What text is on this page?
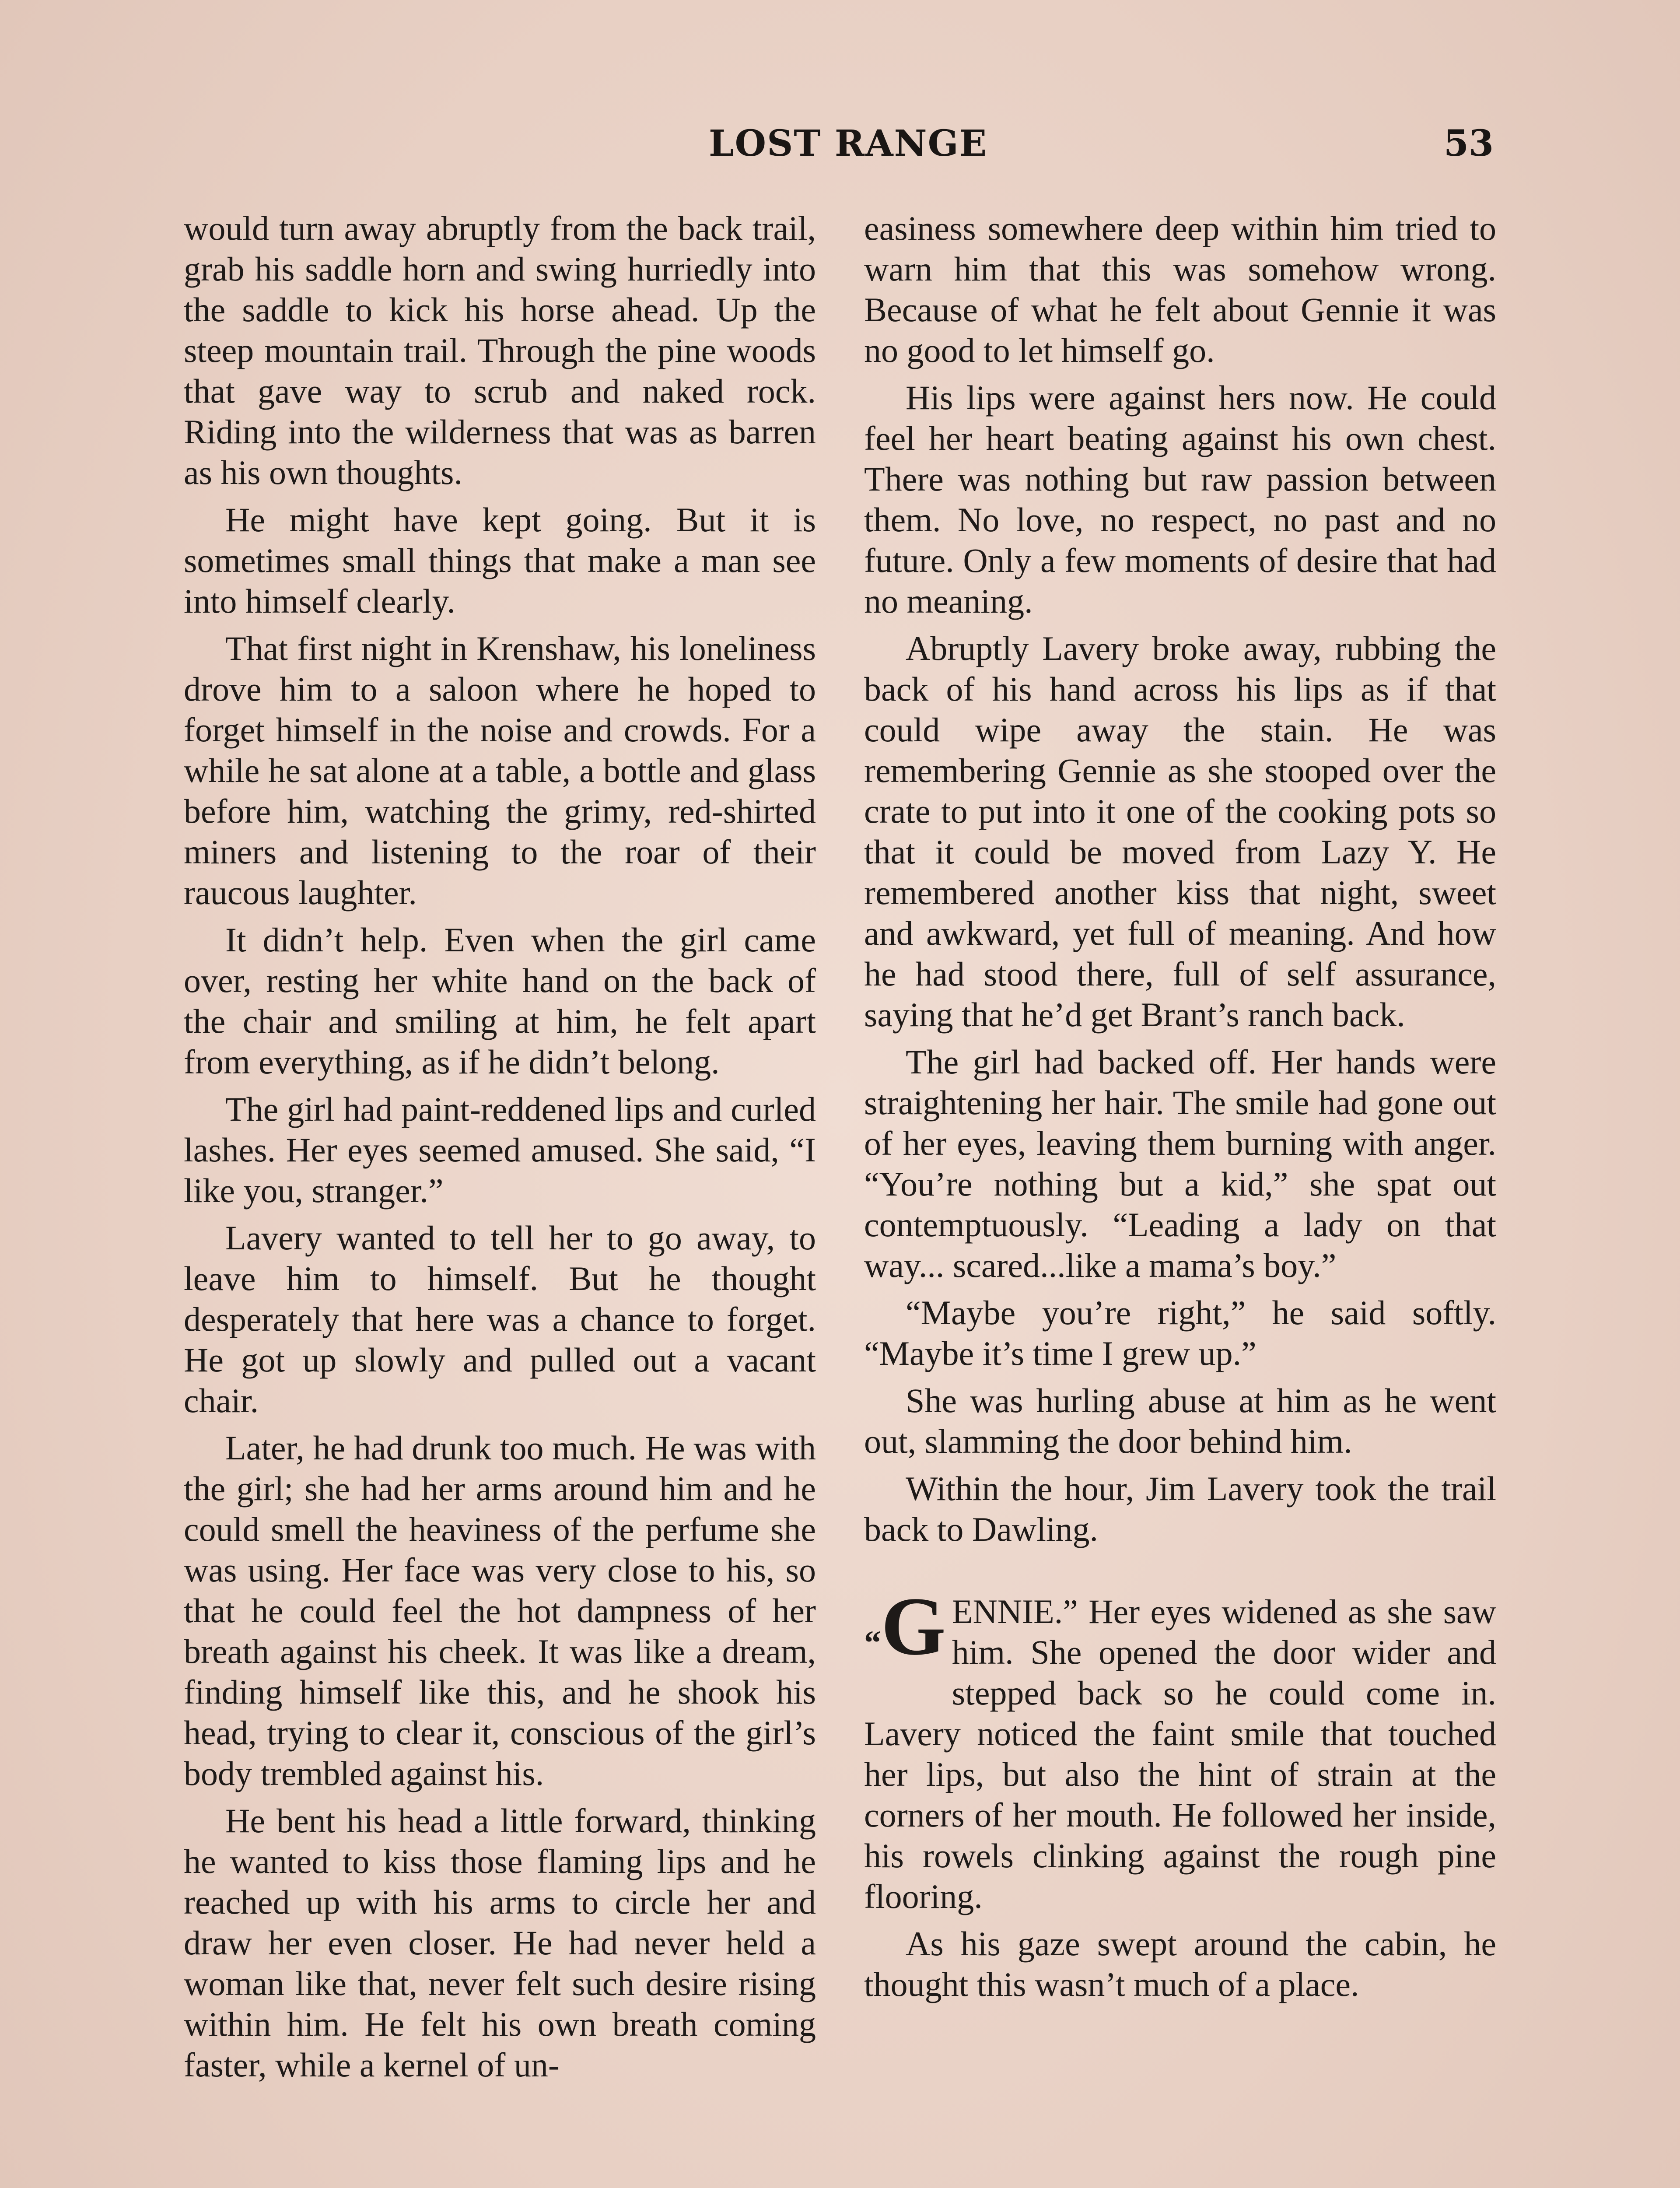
LOST RANGE	53

would turn away abruptly from the back trail, grab his saddle horn and swing hurriedly into the saddle to kick his horse ahead. Up the steep mountain trail. Through the pine woods that gave way to scrub and naked rock. Riding into the wilderness that was as barren as his own thoughts.

He might have kept going. But it is sometimes small things that make a man see into himself clearly.

That first night in Krenshaw, his loneliness drove him to a saloon where he hoped to forget himself in the noise and crowds. For a while he sat alone at a table, a bottle and glass before him, watching the grimy, red-shirted miners and listening to the roar of their raucous laughter.

It didn’t help. Even when the girl came over, resting her white hand on the back of the chair and smiling at him, he felt apart from everything, as if he didn’t belong.

The girl had paint-reddened lips and curled lashes. Her eyes seemed amused. She said, “I like you, stranger.”

Lavery wanted to tell her to go away, to leave him to himself. But he thought desperately that here was a chance to forget. He got up slowly and pulled out a vacant chair.

Later, he had drunk too much. He was with the girl; she had her arms around him and he could smell the heaviness of the perfume she was using. Her face was very close to his, so that he could feel the hot dampness of her breath against his cheek. It was like a dream, finding himself like this, and he shook his head, trying to clear it, conscious of the girl’s body trembled against his.

He bent his head a little forward, thinking he wanted to kiss those flaming lips and he reached up with his arms to circle her and draw her even closer. He had never held a woman like that, never felt such desire rising within him. He felt his own breath coming faster, while a kernel of un-

easiness somewhere deep within him tried to warn him that this was somehow wrong. Because of what he felt about Gennie it was no good to let himself go.

His lips were against hers now. He could feel her heart beating against his own chest. There was nothing but raw passion between them. No love, no respect, no past and no future. Only a few moments of desire that had no meaning.

Abruptly Lavery broke away, rubbing the back of his hand across his lips as if that could wipe away the stain. He was remembering Gennie as she stooped over the crate to put into it one of the cooking pots so that it could be moved from Lazy Y. He remembered another kiss that night, sweet and awkward, yet full of meaning. And how he had stood there, full of self assurance, saying that he’d get Brant’s ranch back.

The girl had backed off. Her hands were straightening her hair. The smile had gone out of her eyes, leaving them burning with anger. “You’re nothing but a kid,” she spat out contemptuously. “Leading a lady on that way... scared...like a mama’s boy.”

“Maybe you’re right,” he said softly. “Maybe it’s time I grew up.”

She was hurling abuse at him as he went out, slamming the door behind him.

Within the hour, Jim Lavery took the trail back to Dawling.

“G ENNIE.” Her eyes widened as she saw him. She opened the door wider and stepped back so he could come in. Lavery noticed the faint smile that touched her lips, but also the hint of strain at the corners of her mouth. He followed her inside, his rowels clinking against the rough pine flooring.

As his gaze swept around the cabin, he thought this wasn’t much of a place.
